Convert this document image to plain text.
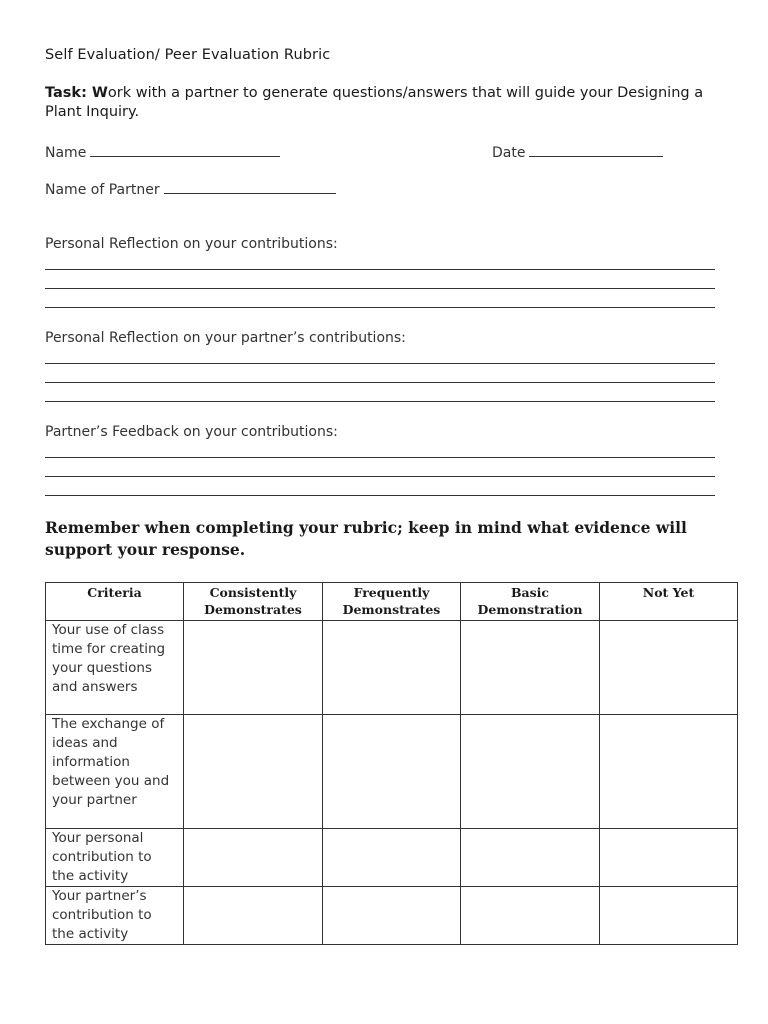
Self Evaluation/ Peer Evaluation Rubric
Task: Work with a partner to generate questions/answers that will guide your Designing a Plant Inquiry.
Name	Date
Name of Partner
Personal Reflection on your contributions:
Personal Reflection on your partner’s contributions:
Partner’s Feedback on your contributions:
Remember when completing your rubric; keep in mind what evidence will support your response.
Criteria	Consistently Demonstrates	Frequently Demonstrates	Basic Demonstration	Not Yet
Your use of class time for creating your questions and answers				
The exchange of ideas and information between you and your partner				
Your personal contribution to the activity				
Your partner’s contribution to the activity				
